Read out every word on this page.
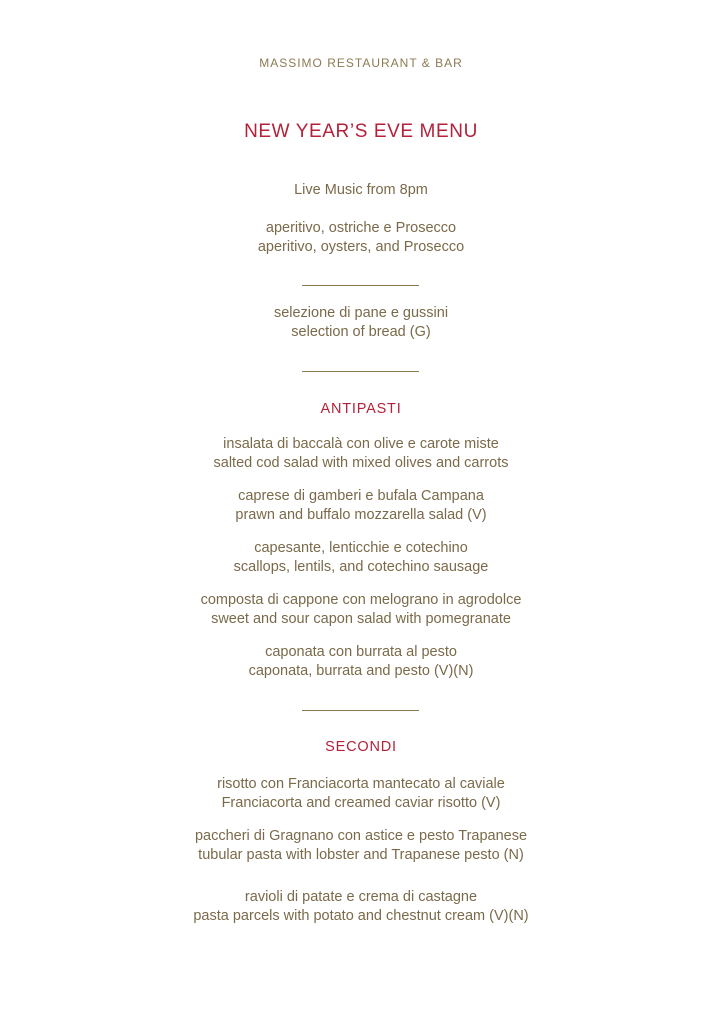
MASSIMO RESTAURANT & BAR
NEW YEAR’S EVE MENU
Live Music from 8pm
aperitivo, ostriche e Prosecco
aperitivo, oysters, and Prosecco
selezione di pane e gussini
selection of bread (G)
ANTIPASTI
insalata di baccalà con olive e carote miste
salted cod salad with mixed olives and carrots
caprese di gamberi e bufala Campana
prawn and buffalo mozzarella salad (V)
capesante, lenticchie e cotechino
scallops, lentils, and cotechino sausage
composta di cappone con melograno in agrodolce
sweet and sour capon salad with pomegranate
caponata con burrata al pesto
caponata, burrata and pesto (V)(N)
SECONDI
risotto con Franciacorta mantecato al caviale
Franciacorta and creamed caviar risotto (V)
paccheri di Gragnano con astice e pesto Trapanese
tubular pasta with lobster and Trapanese pesto (N)
ravioli di patate e crema di castagne
pasta parcels with potato and chestnut cream (V)(N)
